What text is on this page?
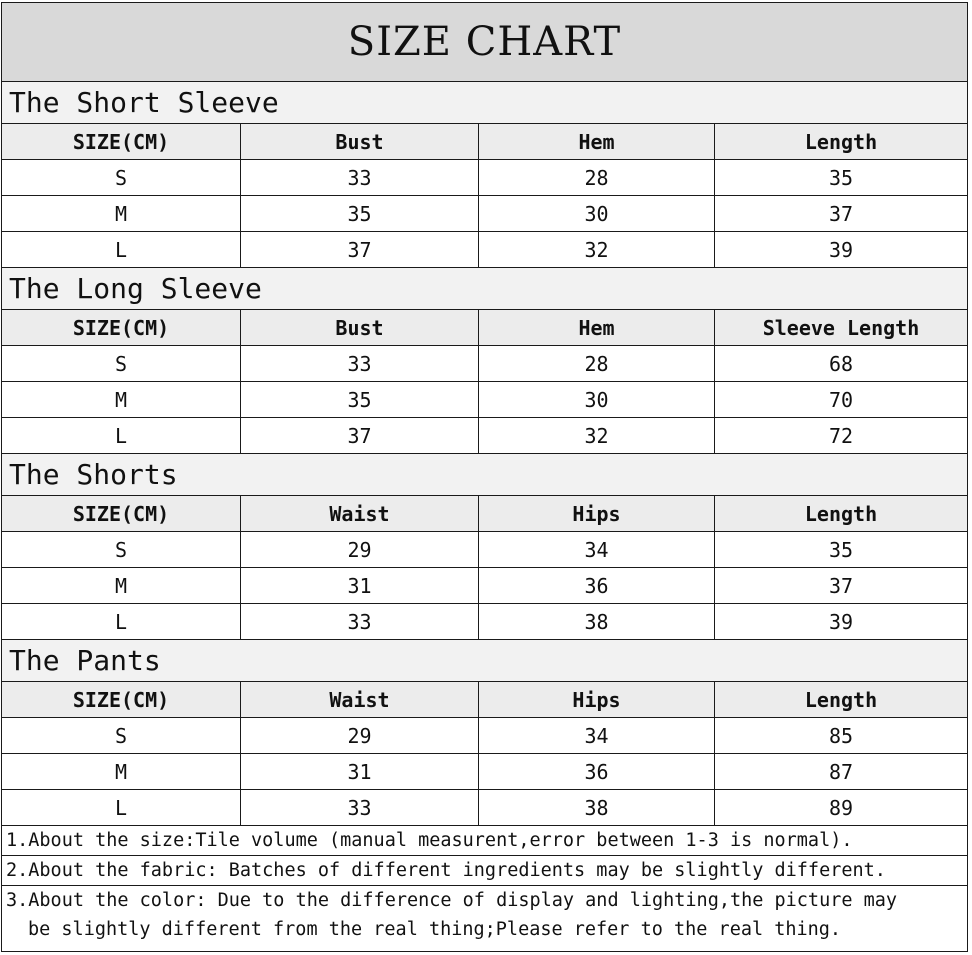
SIZE CHART
The Short Sleeve
SIZE(CM)	Bust	Hem	Length
S	33	28	35
M	35	30	37
L	37	32	39
The Long Sleeve
SIZE(CM)	Bust	Hem	Sleeve Length
S	33	28	68
M	35	30	70
L	37	32	72
The Shorts
SIZE(CM)	Waist	Hips	Length
S	29	34	35
M	31	36	37
L	33	38	39
The Pants
SIZE(CM)	Waist	Hips	Length
S	29	34	85
M	31	36	87
L	33	38	89
1.About the size:Tile volume (manual measurent,error between 1-3 is normal).
2.About the fabric: Batches of different ingredients may be slightly different.
3.About the color: Due to the difference of display and lighting,the picture may
be slightly different from the real thing;Please refer to the real thing.
